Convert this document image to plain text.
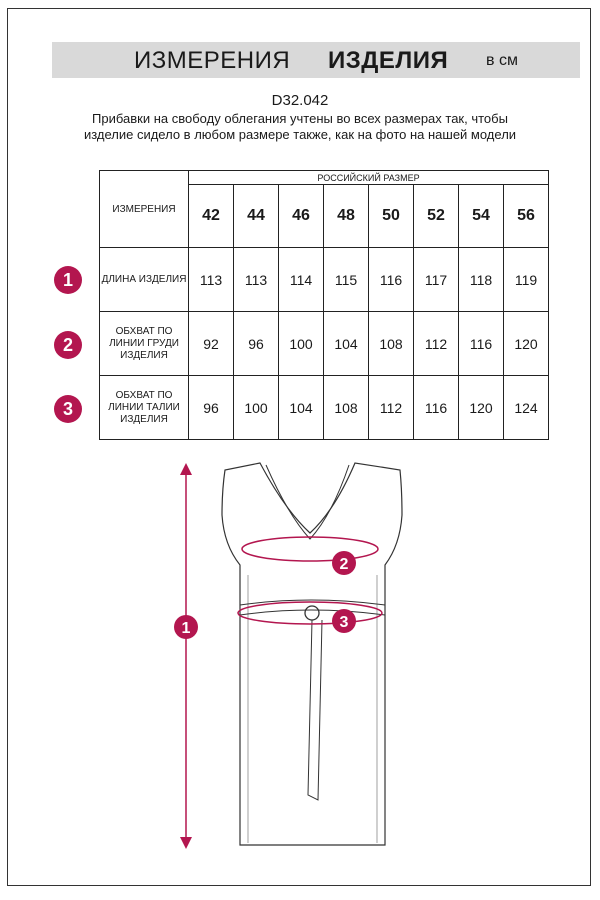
ИЗМЕРЕНИЯ ИЗДЕЛИЯ в см
D32.042
Прибавки на свободу облегания учтены во всех размерах так, чтобы изделие сидело в любом размере также, как на фото на нашей модели
ИЗМЕРЕНИЯ	РОССИЙСКИЙ РАЗМЕР							
	42	44	46	48	50	52	54	56
ДЛИНА ИЗДЕЛИЯ	113	113	114	115	116	117	118	119
ОБХВАТ ПО ЛИНИИ ГРУДИ ИЗДЕЛИЯ	92	96	100	104	108	112	116	120
ОБХВАТ ПО ЛИНИИ ТАЛИИ ИЗДЕЛИЯ	96	100	104	108	112	116	120	124
1
2
3
1
2
3
